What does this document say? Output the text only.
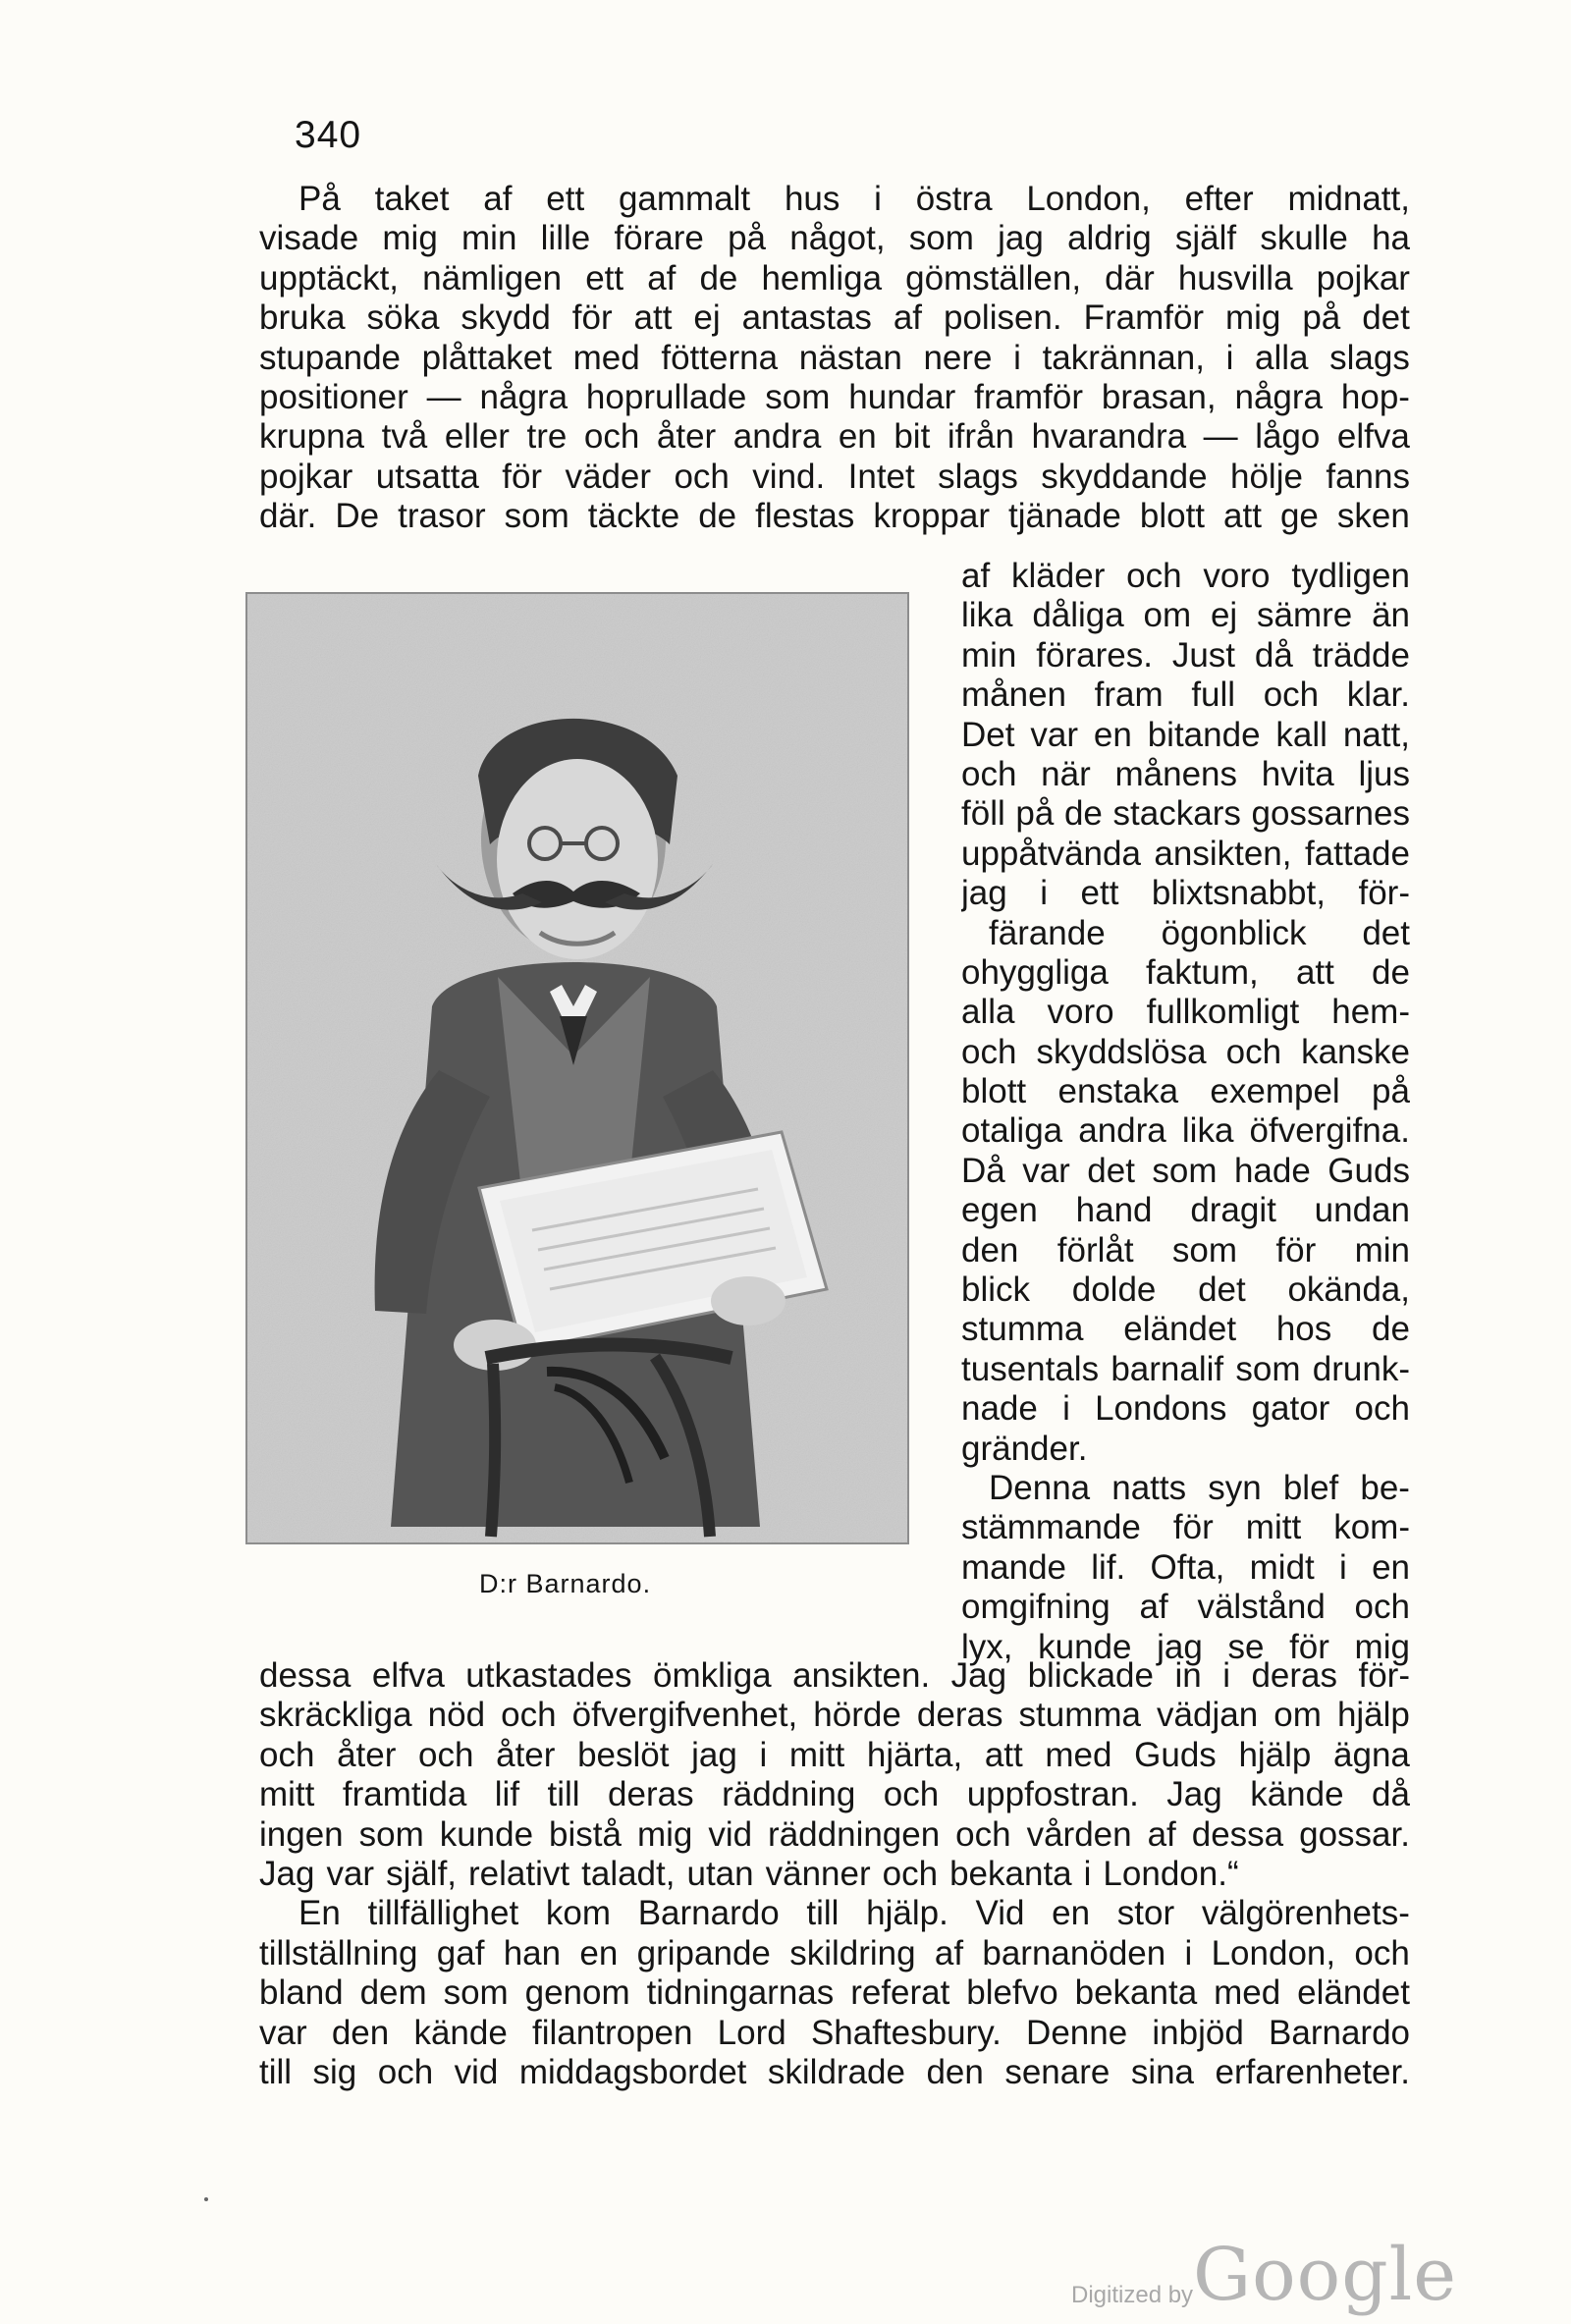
340
På taket af ett gammalt hus i östra London, efter midnatt,
visade mig min lille förare på något, som jag aldrig själf skulle ha
upptäckt, nämligen ett af de hemliga gömställen, där husvilla pojkar
bruka söka skydd för att ej antastas af polisen. Framför mig på det
stupande plåttaket med fötterna nästan nere i takrännan, i alla slags
positioner — några hoprullade som hundar framför brasan, några hop-
krupna två eller tre och åter andra en bit ifrån hvarandra — lågo elfva
pojkar utsatta för väder och vind. Intet slags skyddande hölje fanns
där. De trasor som täckte de flestas kroppar tjänade blott att ge sken
D:r Barnardo.
af kläder och voro tydligen
lika dåliga om ej sämre än
min förares. Just då trädde
månen fram full och klar.
Det var en bitande kall natt,
och när månens hvita ljus
föll på de stackars gossarnes
uppåtvända ansikten, fattade
jag i ett blixtsnabbt, för-
färande ögonblick det
ohyggliga faktum, att de
alla voro fullkomligt hem-
och skyddslösa och kanske
blott enstaka exempel på
otaliga andra lika öfvergifna.
Då var det som hade Guds
egen hand dragit undan
den förlåt som för min
blick dolde det okända,
stumma eländet hos de
tusentals barnalif som drunk-
nade i Londons gator och
gränder.
Denna natts syn blef be-
stämmande för mitt kom-
mande lif. Ofta, midt i en
omgifning af välstånd och
lyx, kunde jag se för mig
dessa elfva utkastades ömkliga ansikten. Jag blickade in i deras för-
skräckliga nöd och öfvergifvenhet, hörde deras stumma vädjan om hjälp
och åter och åter beslöt jag i mitt hjärta, att med Guds hjälp ägna
mitt framtida lif till deras räddning och uppfostran. Jag kände då
ingen som kunde bistå mig vid räddningen och vården af dessa gossar.
Jag var själf, relativt taladt, utan vänner och bekanta i London.“
En tillfällighet kom Barnardo till hjälp. Vid en stor välgörenhets-
tillställning gaf han en gripande skildring af barnanöden i London, och
bland dem som genom tidningarnas referat blefvo bekanta med eländet
var den kände filantropen Lord Shaftesbury. Denne inbjöd Barnardo
till sig och vid middagsbordet skildrade den senare sina erfarenheter.
Digitized by Google
